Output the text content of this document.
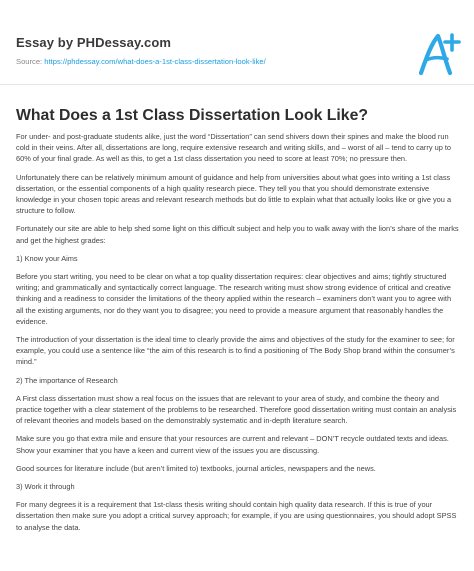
Essay by PHDessay.com
Source: https://phdessay.com/what-does-a-1st-class-dissertation-look-like/
What Does a 1st Class Dissertation Look Like?

For under- and post-graduate students alike, just the word “Dissertation” can send shivers down their spines and make the blood run cold in their veins. After all, dissertations are long, require extensive research and writing skills, and – worst of all – tend to carry up to 60% of your final grade. As well as this, to get a 1st class dissertation you need to score at least 70%; no pressure then.

Unfortunately there can be relatively minimum amount of guidance and help from universities about what goes into writing a 1st class dissertation, or the essential components of a high quality research piece. They tell you that you should demonstrate extensive knowledge in your chosen topic areas and relevant research methods but do little to explain what that actually looks like or give you a structure to follow.

Fortunately our site are able to help shed some light on this difficult subject and help you to walk away with the lion’s share of the marks and get the highest grades:

1) Know your Aims

Before you start writing, you need to be clear on what a top quality dissertation requires: clear objectives and aims; tightly structured writing; and grammatically and syntactically correct language. The research writing must show strong evidence of critical and creative thinking and a readiness to consider the limitations of the theory applied within the research – examiners don’t want you to agree with all the existing arguments, nor do they want you to disagree; you need to provide a measure argument that reasonably handles the evidence.

The introduction of your dissertation is the ideal time to clearly provide the aims and objectives of the study for the examiner to see; for example, you could use a sentence like “the aim of this research is to find a positioning of The Body Shop brand within the consumer’s mind.”

2) The importance of Research

A First class dissertation must show a real focus on the issues that are relevant to your area of study, and combine the theory and practice together with a clear statement of the problems to be researched. Therefore good dissertation writing must contain an analysis of relevant theories and models based on the demonstrably systematic and in-depth literature search.

Make sure you go that extra mile and ensure that your resources are current and relevant – DON’T recycle outdated texts and ideas. Show your examiner that you have a keen and current view of the issues you are discussing.

Good sources for literature include (but aren’t limited to) textbooks, journal articles, newspapers and the news.

3) Work it through

For many degrees it is a requirement that 1st-class thesis writing should contain high quality data research. If this is true of your dissertation then make sure you adopt a critical survey approach; for example, if you are using questionnaires, you should adopt SPSS to analyse the data.
